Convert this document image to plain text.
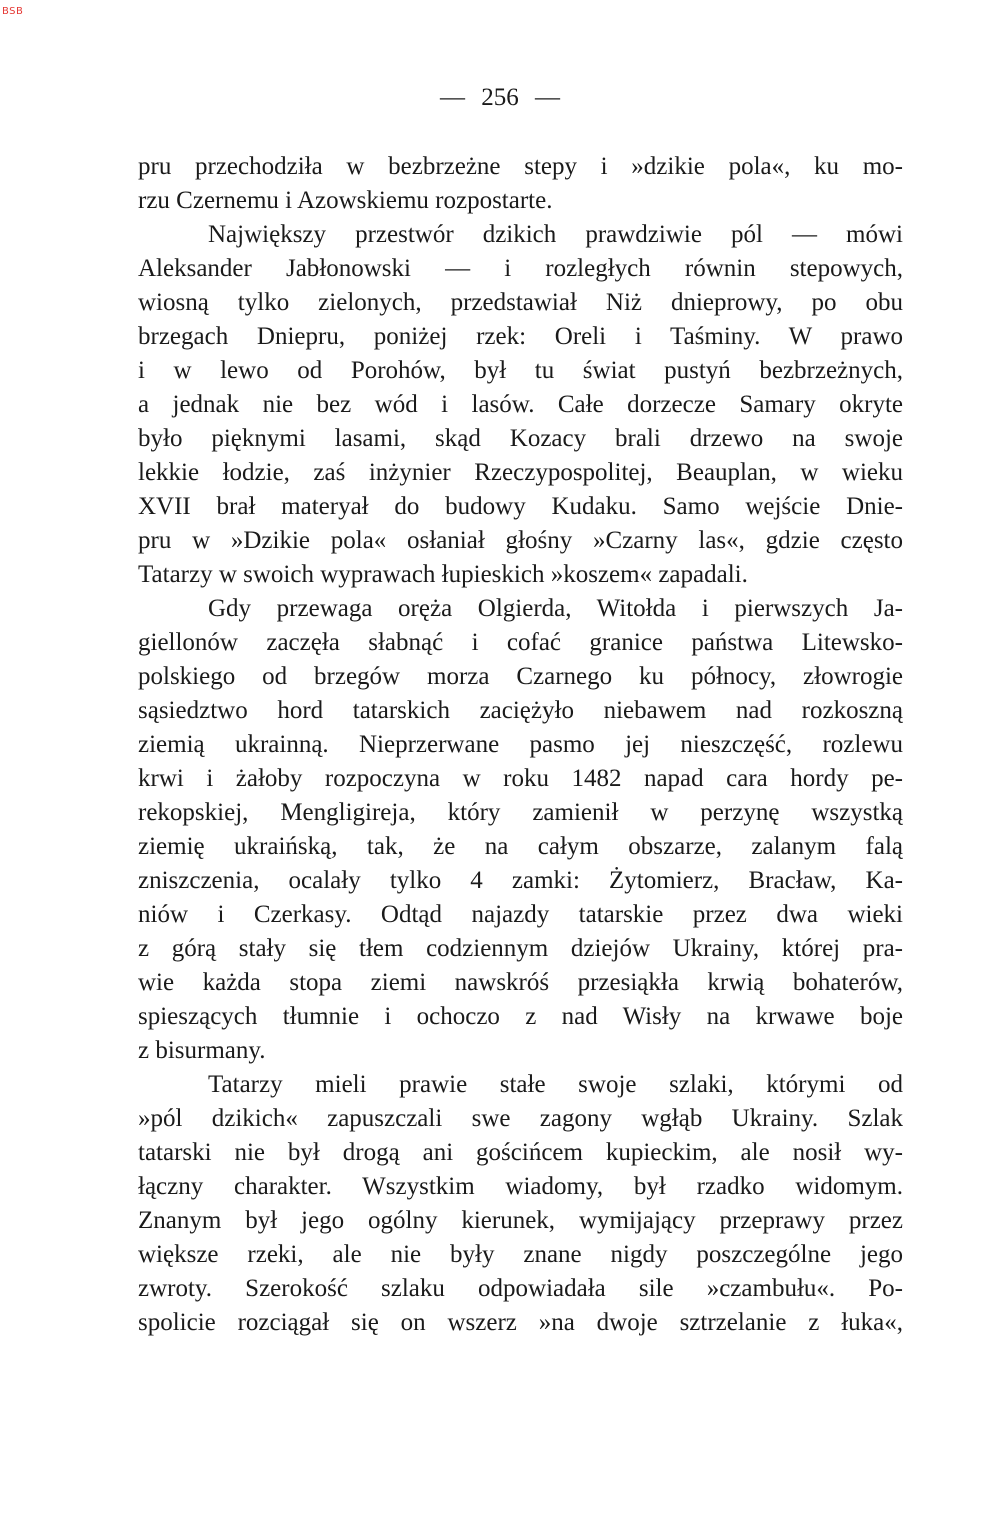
BSB
— 256 —
pru przechodziła w bezbrzeżne stepy i »dzikie pola«, ku mo-
rzu Czernemu i Azowskiemu rozpostarte.
Największy przestwór dzikich prawdziwie pól — mówi
Aleksander Jabłonowski — i rozległych równin stepowych,
wiosną tylko zielonych, przedstawiał Niż dnieprowy, po obu
brzegach Dniepru, poniżej rzek: Oreli i Taśminy. W prawo
i w lewo od Porohów, był tu świat pustyń bezbrzeżnych,
a jednak nie bez wód i lasów. Całe dorzecze Samary okryte
było pięknymi lasami, skąd Kozacy brali drzewo na swoje
lekkie łodzie, zaś inżynier Rzeczypospolitej, Beauplan, w wieku
XVII brał materyał do budowy Kudaku. Samo wejście Dnie-
pru w »Dzikie pola« osłaniał głośny »Czarny las«, gdzie często
Tatarzy w swoich wyprawach łupieskich »koszem« zapadali.
Gdy przewaga oręża Olgierda, Witołda i pierwszych Ja-
giellonów zaczęła słabnąć i cofać granice państwa Litewsko-
polskiego od brzegów morza Czarnego ku północy, złowrogie
sąsiedztwo hord tatarskich zaciężyło niebawem nad rozkoszną
ziemią ukrainną. Nieprzerwane pasmo jej nieszczęść, rozlewu
krwi i żałoby rozpoczyna w roku 1482 napad cara hordy pe-
rekopskiej, Mengligireja, który zamienił w perzynę wszystką
ziemię ukraińską, tak, że na całym obszarze, zalanym falą
zniszczenia, ocalały tylko 4 zamki: Żytomierz, Bracław, Ka-
niów i Czerkasy. Odtąd najazdy tatarskie przez dwa wieki
z górą stały się tłem codziennym dziejów Ukrainy, której pra-
wie każda stopa ziemi nawskróś przesiąkła krwią bohaterów,
spieszących tłumnie i ochoczo z nad Wisły na krwawe boje
z bisurmany.
Tatarzy mieli prawie stałe swoje szlaki, którymi od
»pól dzikich« zapuszczali swe zagony wgłąb Ukrainy. Szlak
tatarski nie był drogą ani gościńcem kupieckim, ale nosił wy-
łączny charakter. Wszystkim wiadomy, był rzadko widomym.
Znanym był jego ogólny kierunek, wymijający przeprawy przez
większe rzeki, ale nie były znane nigdy poszczególne jego
zwroty. Szerokość szlaku odpowiadała sile »czambułu«. Po-
spolicie rozciągał się on wszerz »na dwoje sztrzelanie z łuka«,
